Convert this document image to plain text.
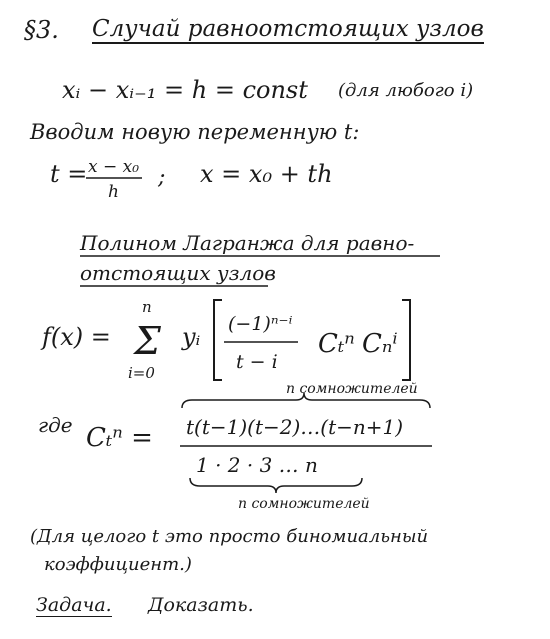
§3. Случай равноотстоящих узлов
xᵢ − xᵢ₋₁ = h = const (для любого i)
Вводим новую переменную t:
t = x − x₀
h
; x = x₀ + th
Полином Лагранжа для равно-
отстоящих узлов
f(x) =
n
Σ
i=0
yᵢ (−1)ⁿ⁻ⁱ
t − i
Cₜⁿ Cₙⁱ
где Cₜⁿ =
n сомножителей
t(t−1)(t−2)…(t−n+1)
1 · 2 · 3 … n
n сомножителей
(Для целого t это просто биномиальный
коэффициент.)
Задача. Доказать.
